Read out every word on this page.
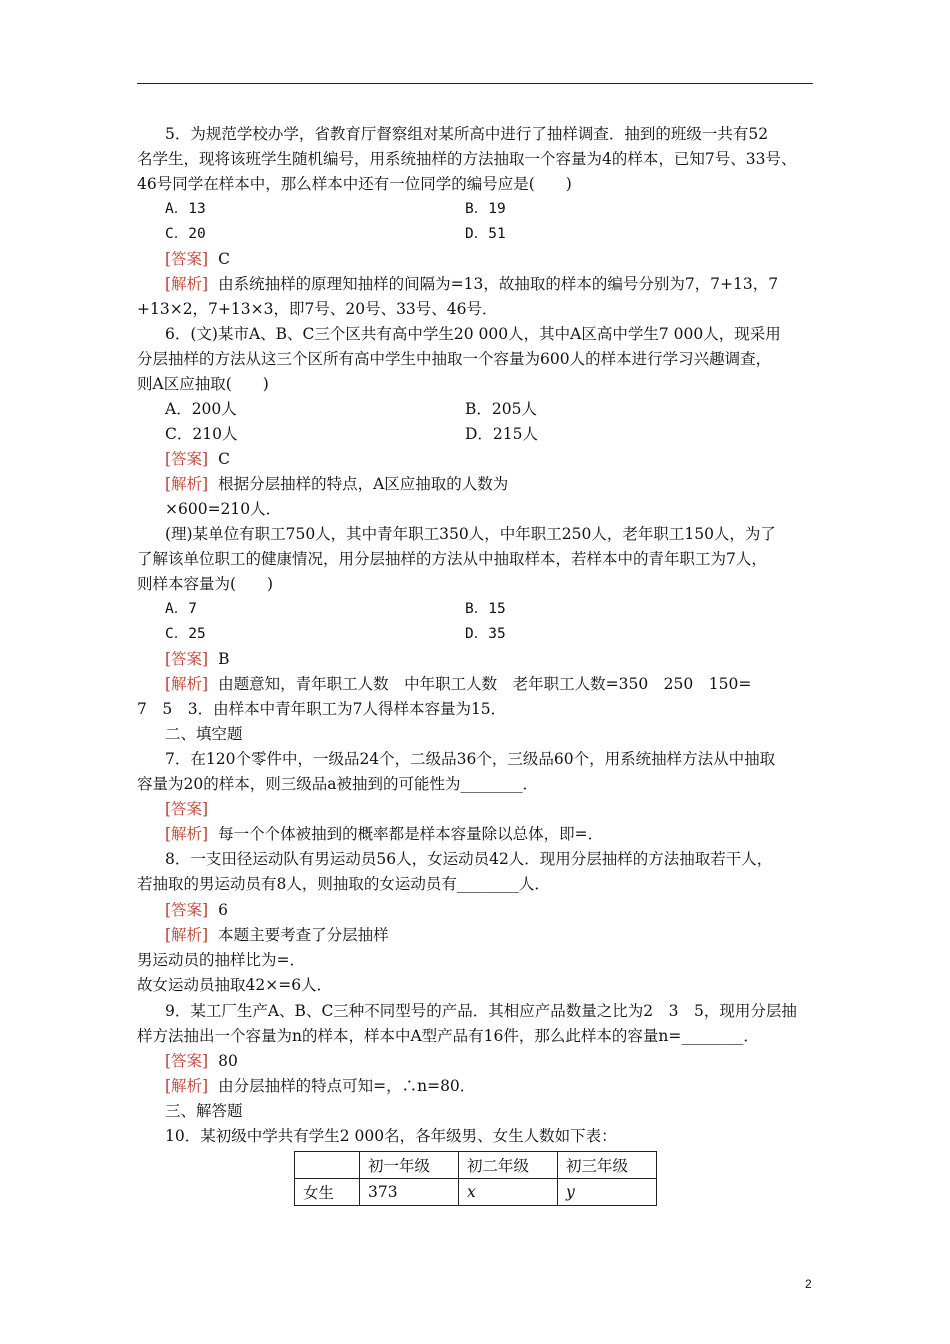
5．为规范学校办学，省教育厅督察组对某所高中进行了抽样调查．抽到的班级一共有52
名学生，现将该班学生随机编号，用系统抽样的方法抽取一个容量为4的样本，已知7号、33号、
46号同学在样本中，那么样本中还有一位同学的编号应是(　　)
A．13	B．19
C．20	D．51
[答案] C
[解析] 由系统抽样的原理知抽样的间隔为=13，故抽取的样本的编号分别为7，7+13，7
+13×2，7+13×3，即7号、20号、33号、46号．
6．(文)某市A、B、C三个区共有高中学生20 000人，其中A区高中学生7 000人，现采用
分层抽样的方法从这三个区所有高中学生中抽取一个容量为600人的样本进行学习兴趣调查，
则A区应抽取(　　)
A．200人	B．205人
C．210人	D．215人
[答案] C
[解析] 根据分层抽样的特点，A区应抽取的人数为
×600=210人．
(理)某单位有职工750人，其中青年职工350人，中年职工250人，老年职工150人，为了
了解该单位职工的健康情况，用分层抽样的方法从中抽取样本，若样本中的青年职工为7人，
则样本容量为(　　)
A．7	B．15
C．25	D．35
[答案] B
[解析] 由题意知，青年职工人数　中年职工人数　老年职工人数=350　250　150=
7　5　3．由样本中青年职工为7人得样本容量为15．
二、填空题
7．在120个零件中，一级品24个，二级品36个，三级品60个，用系统抽样方法从中抽取
容量为20的样本，则三级品a被抽到的可能性为________．
[答案]
[解析] 每一个个体被抽到的概率都是样本容量除以总体，即=．
8．一支田径运动队有男运动员56人，女运动员42人．现用分层抽样的方法抽取若干人，
若抽取的男运动员有8人，则抽取的女运动员有________人．
[答案] 6
[解析] 本题主要考查了分层抽样
男运动员的抽样比为=．
故女运动员抽取42×=6人．
9．某工厂生产A、B、C三种不同型号的产品．其相应产品数量之比为2　3　5，现用分层抽
样方法抽出一个容量为n的样本，样本中A型产品有16件，那么此样本的容量n=________．
[答案] 80
[解析] 由分层抽样的特点可知=，∴n=80．
三、解答题
10．某初级中学共有学生2 000名，各年级男、女生人数如下表：
	初一年级	初二年级	初三年级
女生	373	x	y
2
